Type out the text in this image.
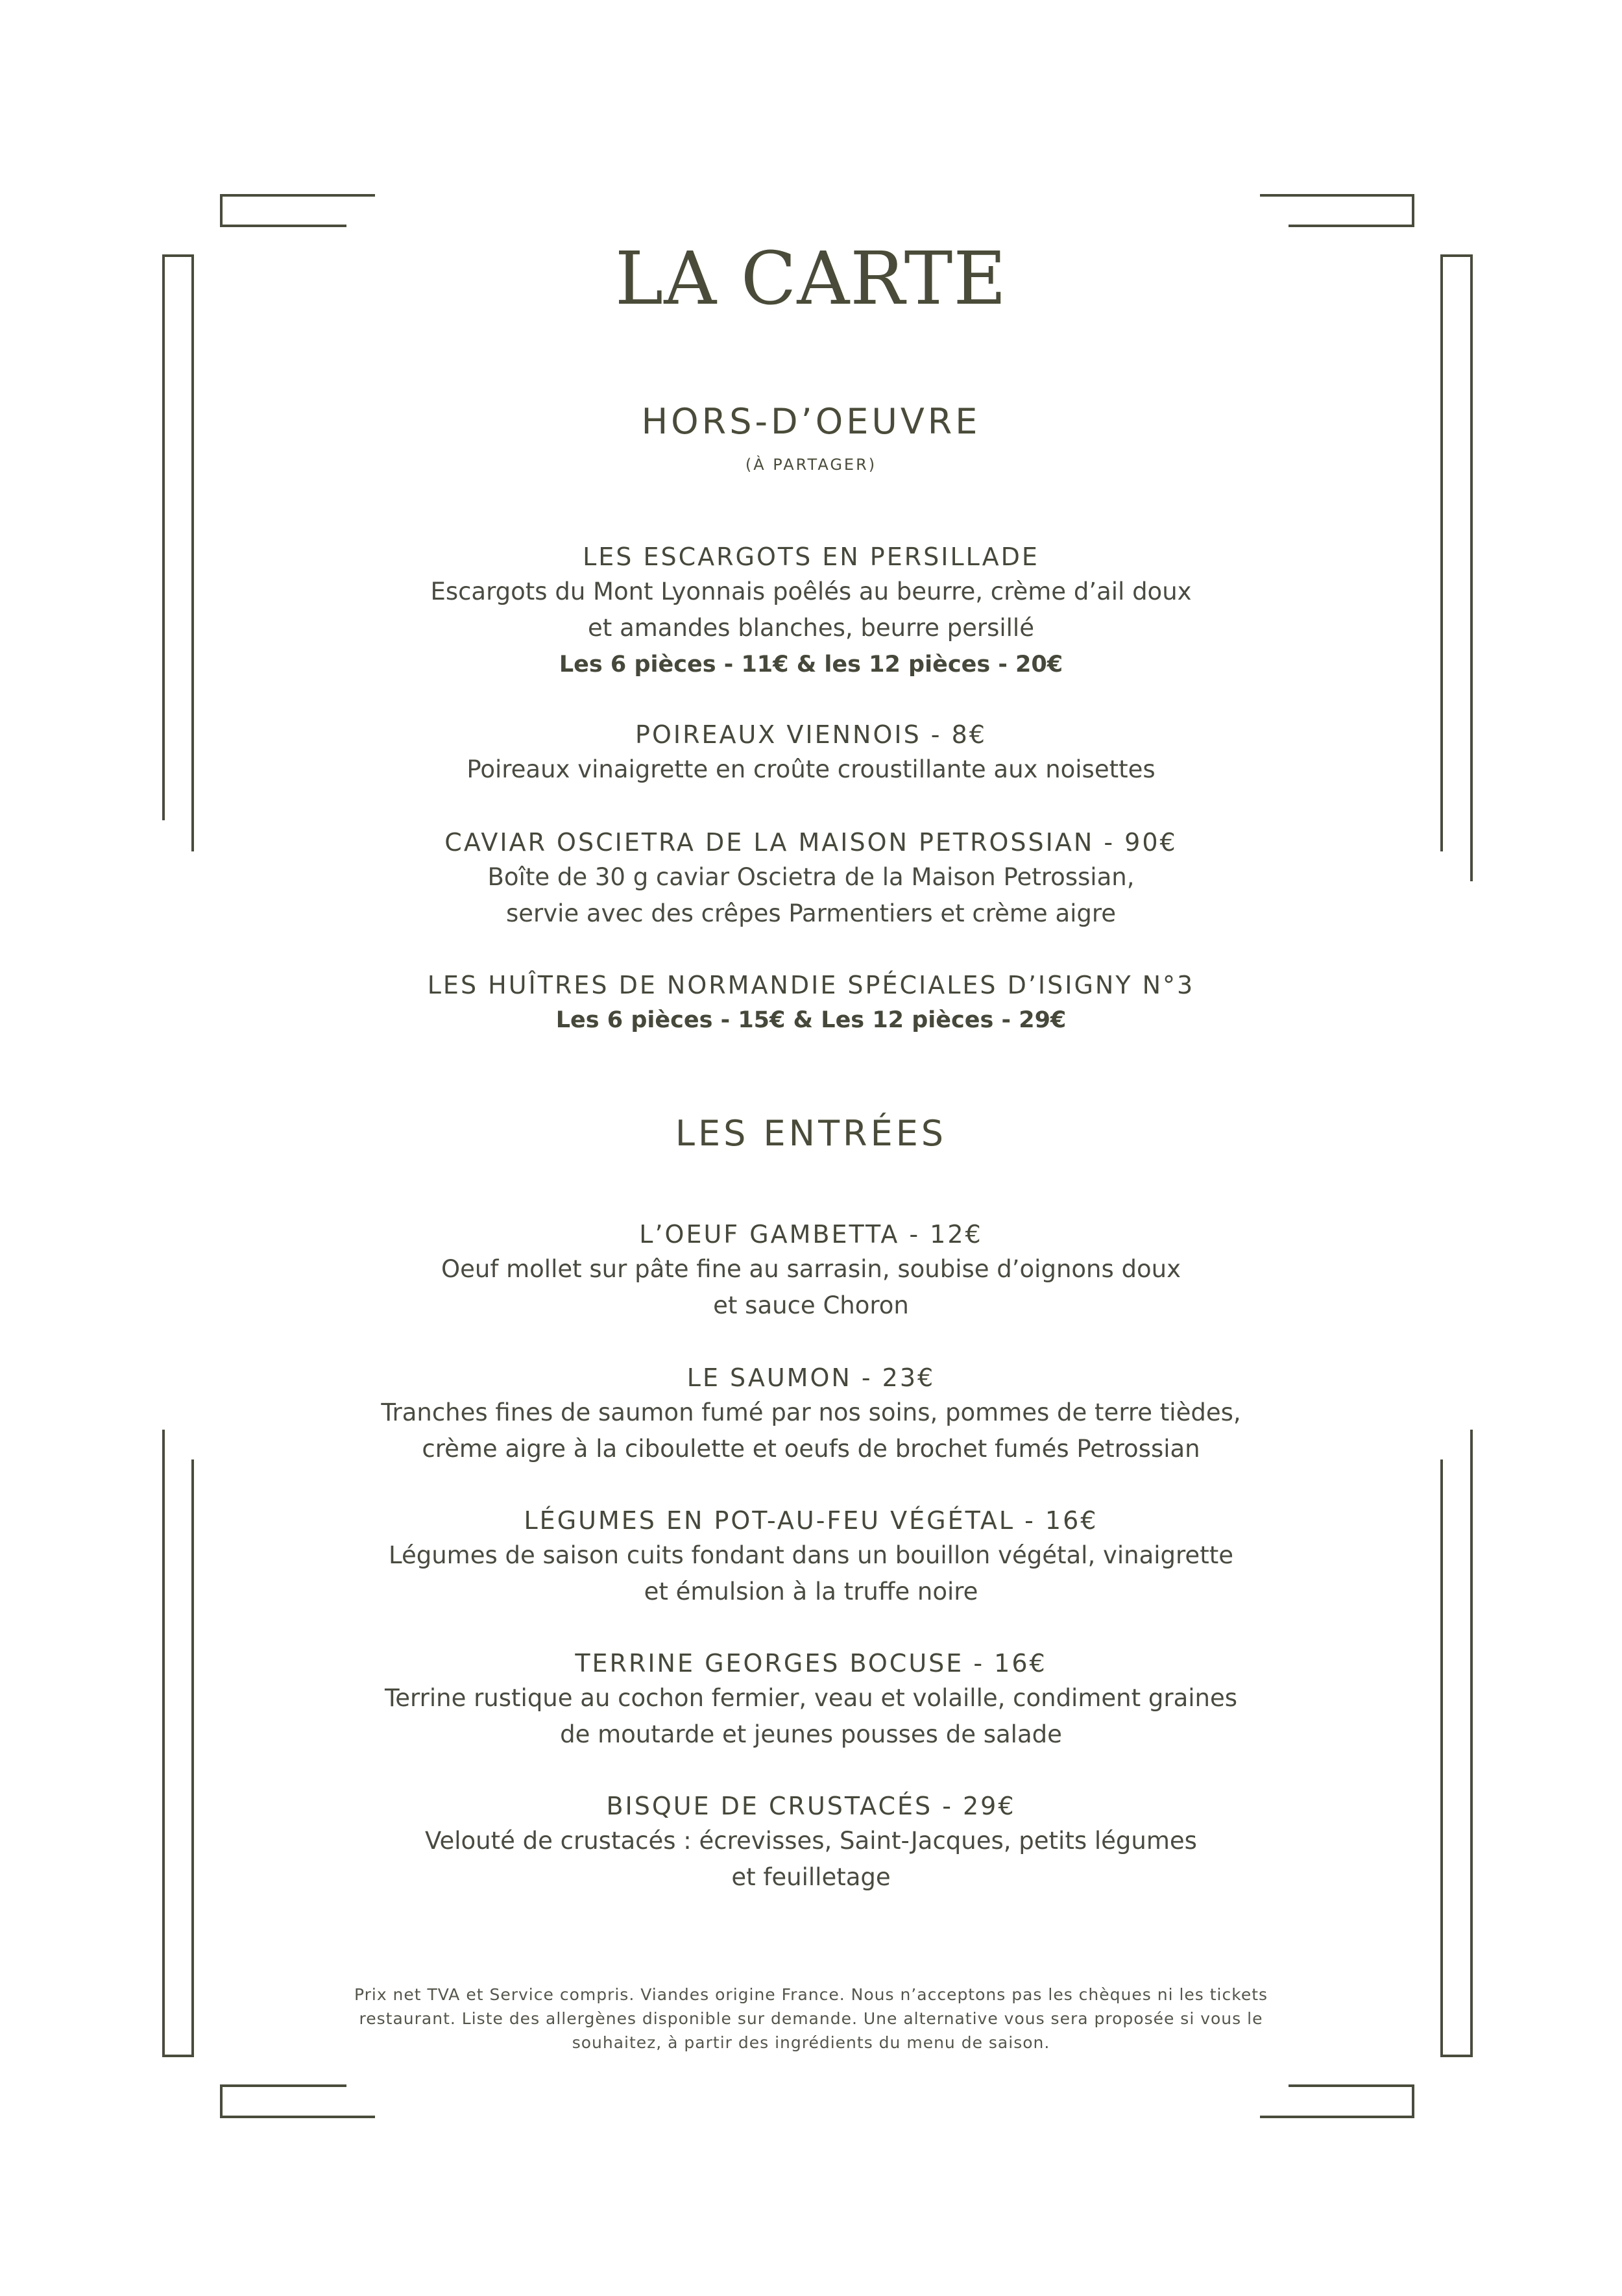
LA CARTE
HORS-D’OEUVRE
(À PARTAGER)
LES ESCARGOTS EN PERSILLADE
Escargots du Mont Lyonnais poêlés au beurre, crème d’ail doux
et amandes blanches, beurre persillé
Les 6 pièces - 11€ & les 12 pièces - 20€
POIREAUX VIENNOIS - 8€
Poireaux vinaigrette en croûte croustillante aux noisettes
CAVIAR OSCIETRA DE LA MAISON PETROSSIAN - 90€
Boîte de 30 g caviar Oscietra de la Maison Petrossian,
servie avec des crêpes Parmentiers et crème aigre
LES HUÎTRES DE NORMANDIE SPÉCIALES D’ISIGNY N°3
Les 6 pièces - 15€ & Les 12 pièces - 29€
LES ENTRÉES
L’OEUF GAMBETTA - 12€
Oeuf mollet sur pâte fine au sarrasin, soubise d’oignons doux
et sauce Choron
LE SAUMON - 23€
Tranches fines de saumon fumé par nos soins, pommes de terre tièdes,
crème aigre à la ciboulette et oeufs de brochet fumés Petrossian
LÉGUMES EN POT-AU-FEU VÉGÉTAL - 16€
Légumes de saison cuits fondant dans un bouillon végétal, vinaigrette
et émulsion à la truffe noire
TERRINE GEORGES BOCUSE - 16€
Terrine rustique au cochon fermier, veau et volaille, condiment graines
de moutarde et jeunes pousses de salade
BISQUE DE CRUSTACÉS - 29€
Velouté de crustacés : écrevisses, Saint-Jacques, petits légumes
et feuilletage
Prix net TVA et Service compris. Viandes origine France. Nous n’acceptons pas les chèques ni les tickets
restaurant. Liste des allergènes disponible sur demande. Une alternative vous sera proposée si vous le
souhaitez, à partir des ingrédients du menu de saison.
